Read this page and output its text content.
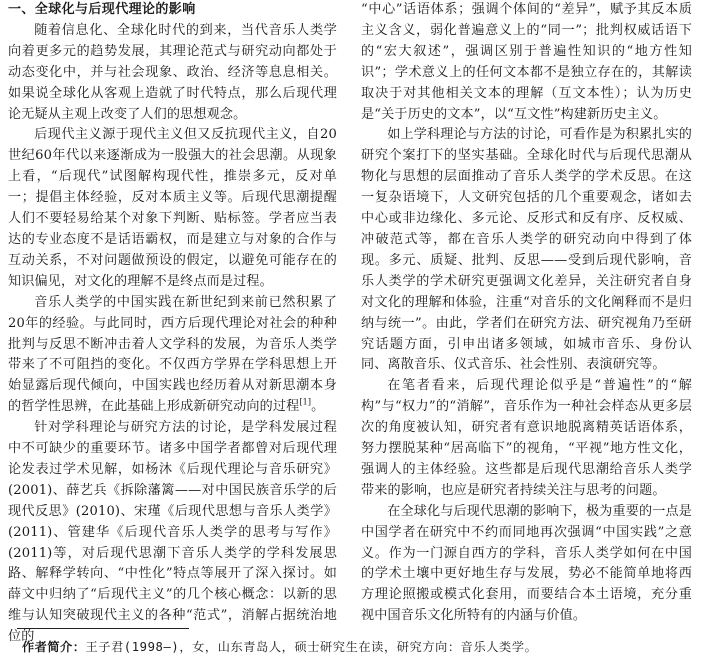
一、全球化与后现代理论的影响

随着信息化、全球化时代的到来，当代音乐人类学向着更多元的趋势发展，其理论范式与研究动向都处于动态变化中，并与社会现象、政治、经济等息息相关。如果说全球化从客观上造就了时代特点，那么后现代理论无疑从主观上改变了人们的思想观念。

后现代主义源于现代主义但又反抗现代主义，自20世纪60年代以来逐渐成为一股强大的社会思潮。从现象上看，“后现代”试图解构现代性，推崇多元，反对单一；提倡主体经验，反对本质主义等。后现代思潮提醒人们不要轻易给某个对象下判断、贴标签。学者应当表达的专业态度不是话语霸权，而是建立与对象的合作与互动关系，不对问题做预设的假定，以避免可能存在的知识偏见，对文化的理解不是终点而是过程。

音乐人类学的中国实践在新世纪到来前已然积累了20年的经验。与此同时，西方后现代理论对社会的种种批判与反思不断冲击着人文学科的发展，为音乐人类学带来了不可阻挡的变化。不仅西方学界在学科思想上开始显露后现代倾向，中国实践也经历着从对新思潮本身的哲学性思辨，在此基础上形成新研究动向的过程[1]。

针对学科理论与研究方法的讨论，是学科发展过程中不可缺少的重要环节。诸多中国学者都曾对后现代理论发表过学术见解，如杨沐《后现代理论与音乐研究》(2001)、薛艺兵《拆除藩篱——对中国民族音乐学的后现代反思》(2010)、宋瑾《后现代思想与音乐人类学》(2011)、管建华《后现代音乐人类学的思考与写作》(2011)等，对后现代思潮下音乐人类学的学科发展思路、解释学转向、“中性化”特点等展开了深入探讨。如薛文中归纳了“后现代主义”的几个核心概念：以新的思维与认知突破现代主义的各种“范式”，消解占据统治地位的

“中心”话语体系；强调个体间的“差异”，赋予其反本质主义含义，弱化普遍意义上的“同一”；批判权威话语下的“宏大叙述”，强调区别于普遍性知识的“地方性知识”；学术意义上的任何文本都不是独立存在的，其解读取决于对其他相关文本的理解（互文本性）；认为历史是“关于历史的文本”，以“互文性”构建新历史主义。

如上学科理论与方法的讨论，可看作是为积累扎实的研究个案打下的坚实基础。全球化时代与后现代思潮从物化与思想的层面推动了音乐人类学的学术反思。在这一复杂语境下，人文研究包括的几个重要观念，诸如去中心或非边缘化、多元论、反形式和反有序、反权威、冲破范式等，都在音乐人类学的研究动向中得到了体现。多元、质疑、批判、反思——受到后现代影响，音乐人类学的学术研究更强调文化差异，关注研究者自身对文化的理解和体验，注重“对音乐的文化阐释而不是归纳与统一”。由此，学者们在研究方法、研究视角乃至研究话题方面，引申出诸多领域，如城市音乐、身份认同、离散音乐、仪式音乐、社会性别、表演研究等。

在笔者看来，后现代理论似乎是“普遍性”的“解构”与“权力”的“消解”，音乐作为一种社会样态从更多层次的角度被认知，研究者有意识地脱离精英话语体系，努力摆脱某种“居高临下”的视角，“平视”地方性文化，强调人的主体经验。这些都是后现代思潮给音乐人类学带来的影响，也应是研究者持续关注与思考的问题。

在全球化与后现代思潮的影响下，极为重要的一点是中国学者在研究中不约而同地再次强调“中国实践”之意义。作为一门源自西方的学科，音乐人类学如何在中国的学术土壤中更好地生存与发展，势必不能简单地将西方理论照搬或模式化套用，而要结合本土语境，充分重视中国音乐文化所特有的内涵与价值。

作者简介：王子君(1998—)，女，山东青岛人，硕士研究生在读，研究方向：音乐人类学。
